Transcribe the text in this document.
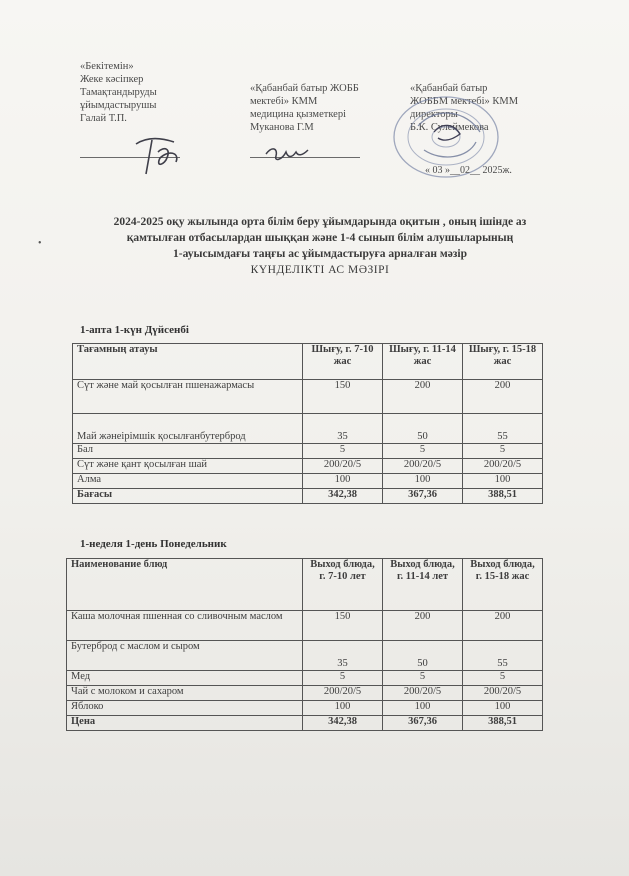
«Бекітемін»
Жеке кәсіпкер
Тамақтандыруды
ұйымдастырушы
Галай Т.П.
«Қабанбай батыр ЖОББ
мектебі» КММ
медицина қызметкері
Муканова Г.М
«Қабанбай батыр
ЖОББМ мектебі» КММ
директоры
Б.К. Сулеймекова
« 03 »__02__ 2025ж.
•
2024-2025 оқу жылында орта білім беру ұйымдарында оқитын , оның ішінде аз
қамтылған отбасылардан шыққан және 1-4 сынып білім алушыларының
1-ауысымдағы таңғы ас ұйымдастыруға арналған мәзір
КҮНДЕЛІКТІ АС МӘЗІРІ
1-апта 1-күн Дүйсенбі
Тағамның атауы	Шығу, г. 7-10 жас	Шығу, г. 11-14 жас	Шығу, г. 15-18 жас
Сүт және май қосылған пшенажармасы	150	200	200
Май жәнеірімшік қосылғанбутерброд	35	50	55
Бал	5	5	5
Сүт және қант қосылған шай	200/20/5	200/20/5	200/20/5
Алма	100	100	100
Бағасы	342,38	367,36	388,51
1-неделя 1-день Понедельник
Наименование блюд	Выход блюда, г. 7-10 лет	Выход блюда, г. 11-14 лет	Выход блюда, г. 15-18 жас
Каша молочная пшенная со сливочным маслом	150	200	200
Бутерброд с маслом и сыром	35	50	55
Мед	5	5	5
Чай с молоком и сахаром	200/20/5	200/20/5	200/20/5
Яблоко	100	100	100
Цена	342,38	367,36	388,51
